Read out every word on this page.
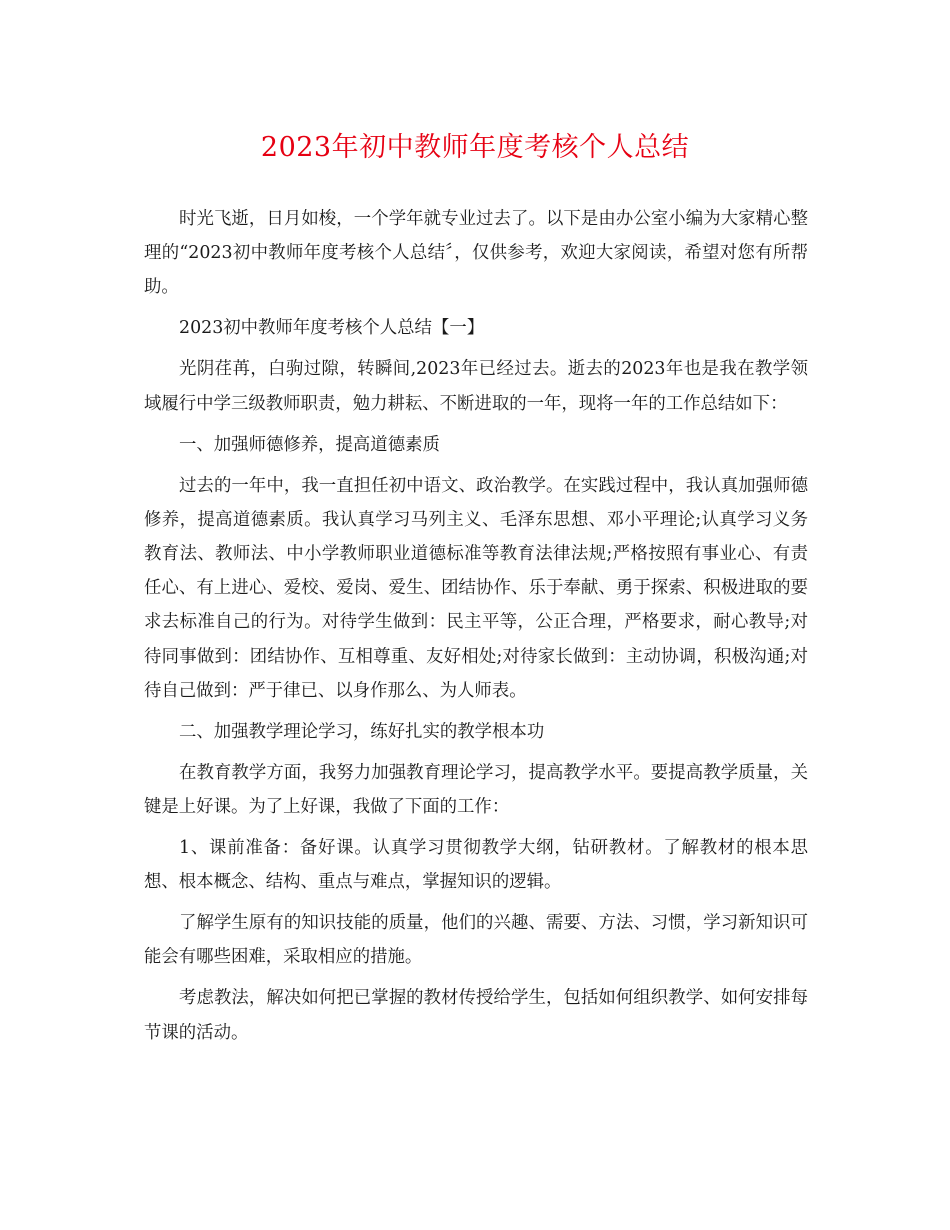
2023年初中教师年度考核个人总结

时光飞逝，日月如梭，一个学年就专业过去了。以下是由办公室小编为大家精心整理的“2023初中教师年度考核个人总结〞，仅供参考，欢迎大家阅读，希望对您有所帮助。

2023初中教师年度考核个人总结【一】

光阴荏苒，白驹过隙，转瞬间,2023年已经过去。逝去的2023年也是我在教学领域履行中学三级教师职责，勉力耕耘、不断进取的一年，现将一年的工作总结如下：

一、加强师德修养，提高道德素质

过去的一年中，我一直担任初中语文、政治教学。在实践过程中，我认真加强师德修养，提高道德素质。我认真学习马列主义、毛泽东思想、邓小平理论;认真学习义务教育法、教师法、中小学教师职业道德标准等教育法律法规;严格按照有事业心、有责任心、有上进心、爱校、爱岗、爱生、团结协作、乐于奉献、勇于探索、积极进取的要求去标准自己的行为。对待学生做到：民主平等，公正合理，严格要求，耐心教导;对待同事做到：团结协作、互相尊重、友好相处;对待家长做到：主动协调，积极沟通;对待自己做到：严于律已、以身作那么、为人师表。

二、加强教学理论学习，练好扎实的教学根本功

在教育教学方面，我努力加强教育理论学习，提高教学水平。要提高教学质量，关键是上好课。为了上好课，我做了下面的工作：

1、课前准备：备好课。认真学习贯彻教学大纲，钻研教材。了解教材的根本思想、根本概念、结构、重点与难点，掌握知识的逻辑。

了解学生原有的知识技能的质量，他们的兴趣、需要、方法、习惯，学习新知识可能会有哪些困难，采取相应的措施。

考虑教法，解决如何把已掌握的教材传授给学生，包括如何组织教学、如何安排每节课的活动。
